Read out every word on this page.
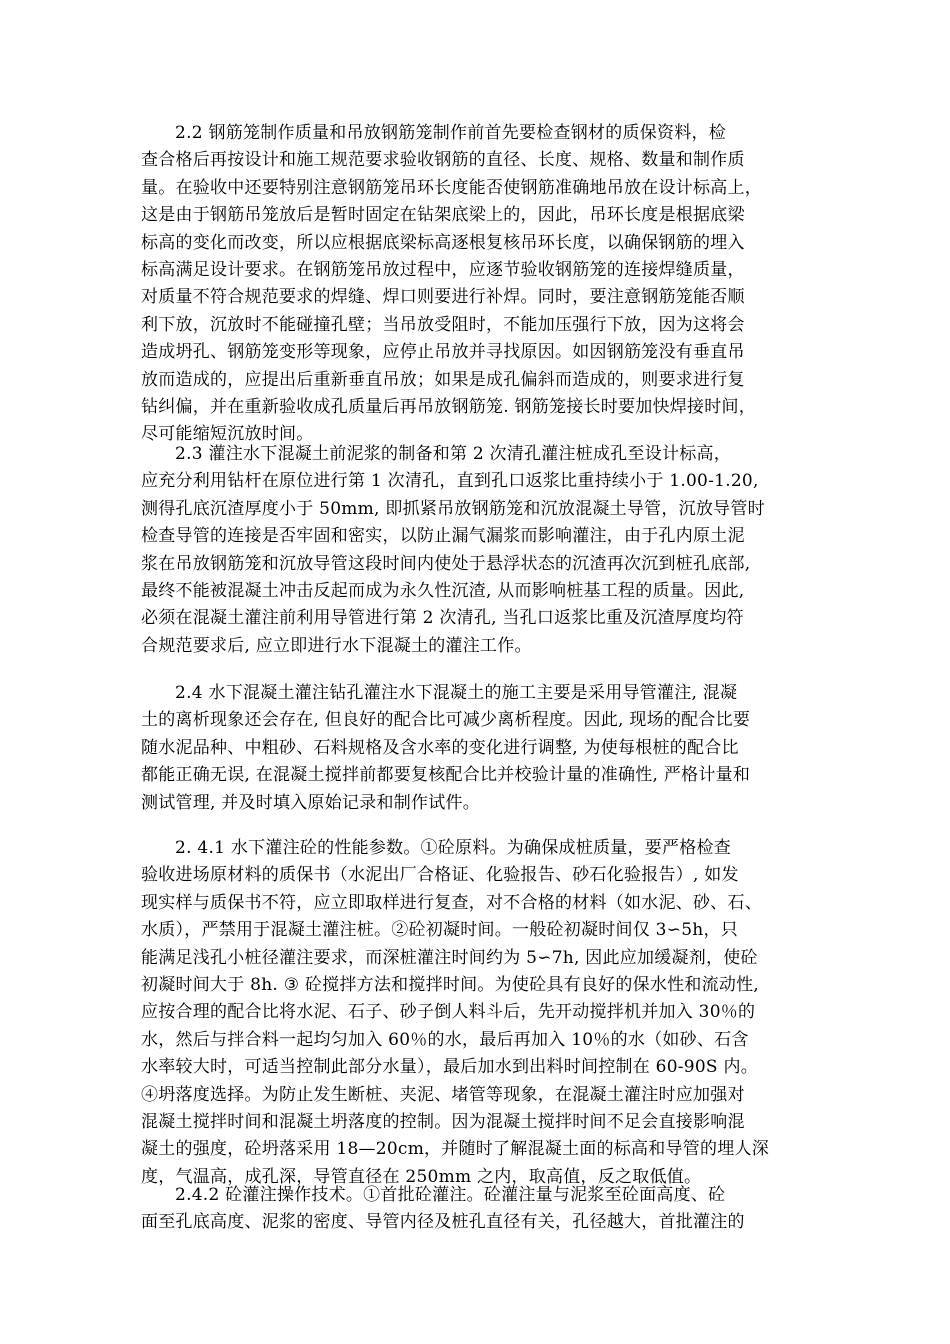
2.2 钢筋笼制作质量和吊放钢筋笼制作前首先要检查钢材的质保资料，检
查合格后再按设计和施工规范要求验收钢筋的直径、长度、规格、数量和制作质
量。在验收中还要特别注意钢筋笼吊环长度能否使钢筋准确地吊放在设计标高上，
这是由于钢筋吊笼放后是暂时固定在钻架底梁上的，因此，吊环长度是根据底梁
标高的变化而改变，所以应根据底梁标高逐根复核吊环长度，以确保钢筋的埋入
标高满足设计要求。在钢筋笼吊放过程中，应逐节验收钢筋笼的连接焊缝质量，
对质量不符合规范要求的焊缝、焊口则要进行补焊。同时，要注意钢筋笼能否顺
利下放，沉放时不能碰撞孔壁；当吊放受阻时，不能加压强行下放，因为这将会
造成坍孔、钢筋笼变形等现象，应停止吊放并寻找原因。如因钢筋笼没有垂直吊
放而造成的，应提出后重新垂直吊放；如果是成孔偏斜而造成的，则要求进行复
钻纠偏，并在重新验收成孔质量后再吊放钢筋笼. 钢筋笼接长时要加快焊接时间，
尽可能缩短沉放时间。
2.3 灌注水下混凝土前泥浆的制备和第 2 次清孔灌注桩成孔至设计标高，
应充分利用钻杆在原位进行第 1 次清孔，直到孔口返浆比重持续小于 1.00-1.20,
测得孔底沉渣厚度小于 50mm, 即抓紧吊放钢筋笼和沉放混凝土导管，沉放导管时
检查导管的连接是否牢固和密实，以防止漏气漏浆而影响灌注，由于孔内原土泥
浆在吊放钢筋笼和沉放导管这段时间内使处于悬浮状态的沉渣再次沉到桩孔底部,
最终不能被混凝土冲击反起而成为永久性沉渣, 从而影响桩基工程的质量。因此,
必须在混凝土灌注前利用导管进行第 2 次清孔, 当孔口返浆比重及沉渣厚度均符
合规范要求后, 应立即进行水下混凝土的灌注工作。
2.4 水下混凝土灌注钻孔灌注水下混凝土的施工主要是采用导管灌注, 混凝
土的离析现象还会存在, 但良好的配合比可减少离析程度。因此, 现场的配合比要
随水泥品种、中粗砂、石料规格及含水率的变化进行调整, 为使每根桩的配合比
都能正确无误, 在混凝土搅拌前都要复核配合比并校验计量的准确性, 严格计量和
测试管理, 并及时填入原始记录和制作试件。
2. 4.1 水下灌注砼的性能参数。①砼原料。为确保成桩质量，要严格检查
验收进场原材料的质保书（水泥出厂合格证、化验报告、砂石化验报告）, 如发
现实样与质保书不符，应立即取样进行复查，对不合格的材料（如水泥、砂、石、
水质），严禁用于混凝土灌注桩。②砼初凝时间。一般砼初凝时间仅 3∽5h，只
能满足浅孔小桩径灌注要求，而深桩灌注时间约为 5∽7h, 因此应加缓凝剂，使砼
初凝时间大于 8h. ③ 砼搅拌方法和搅拌时间。为使砼具有良好的保水性和流动性,
应按合理的配合比将水泥、石子、砂子倒人料斗后，先开动搅拌机并加入 30％的
水，然后与拌合料一起均匀加入 60％的水，最后再加入 10％的水（如砂、石含
水率较大时，可适当控制此部分水量），最后加水到出料时间控制在 60-90S 内。
④坍落度选择。为防止发生断桩、夹泥、堵管等现象，在混凝土灌注时应加强对
混凝土搅拌时间和混凝土坍落度的控制。因为混凝土搅拌时间不足会直接影响混
凝土的强度，砼坍落采用 18—20cm，并随时了解混凝土面的标高和导管的埋人深
度，气温高，成孔深，导管直径在 250mm 之内，取高值，反之取低值。
2.4.2 砼灌注操作技术。①首批砼灌注。砼灌注量与泥浆至砼面高度、砼
面至孔底高度、泥浆的密度、导管内径及桩孔直径有关，孔径越大，首批灌注的
